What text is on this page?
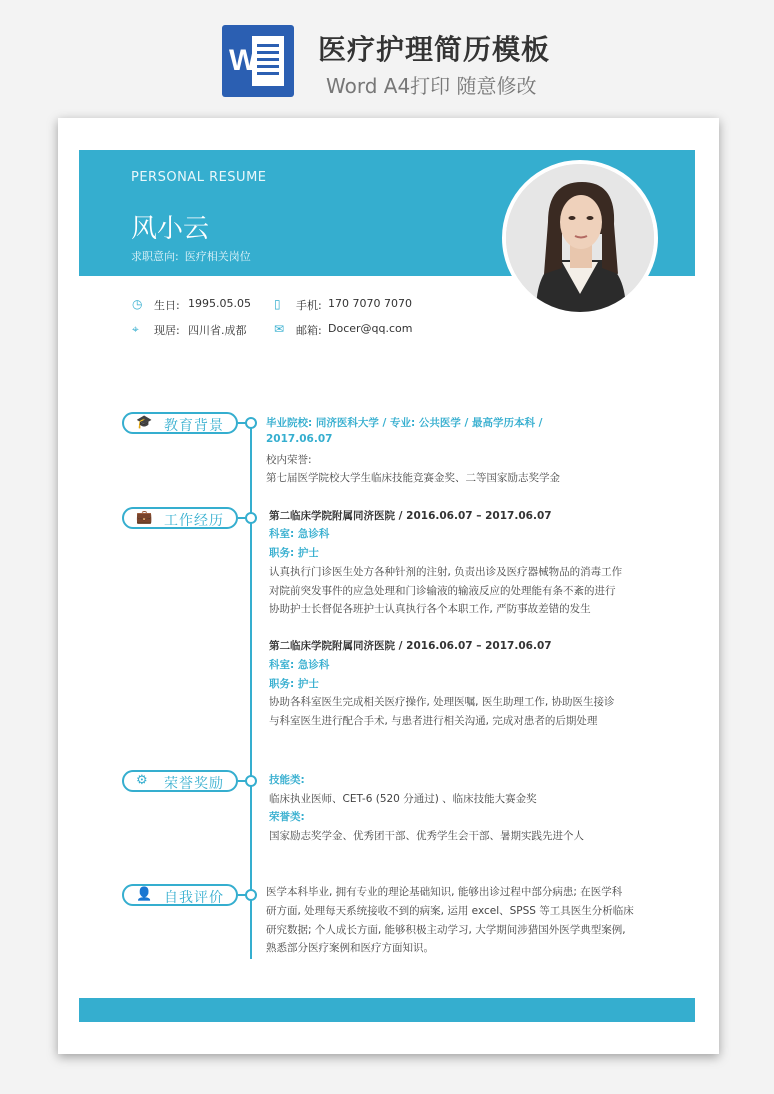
W 医疗护理简历模板
Word A4打印 随意修改
PERSONAL RESUME
风小云
求职意向: 医疗相关岗位
◷	生日: 1995.05.05 ▯	手机: 170 7070 7070
⌖	现居: 四川省.成都 ✉	邮箱: Docer@qq.com
🎓 教育背景	毕业院校: 同济医科大学 / 专业: 公共医学 / 最高学历本科 /
2017.06.07
校内荣誉:
第七届医学院校大学生临床技能竞赛金奖、二等国家励志奖学金
💼 工作经历	第二临床学院附属同济医院 / 2016.06.07 – 2017.06.07
科室: 急诊科
职务: 护士
认真执行门诊医生处方各种针剂的注射, 负责出诊及医疗器械物品的消毒工作
对院前突发事件的应急处理和门诊输液的输液反应的处理能有条不紊的进行
协助护士长督促各班护士认真执行各个本职工作, 严防事故差错的发生
第二临床学院附属同济医院 / 2016.06.07 – 2017.06.07
科室: 急诊科
职务: 护士
协助各科室医生完成相关医疗操作, 处理医嘱, 医生助理工作, 协助医生接诊
与科室医生进行配合手术, 与患者进行相关沟通, 完成对患者的后期处理
⚙ 荣誉奖励	技能类:
临床执业医师、CET-6 (520 分通过) 、临床技能大赛金奖
荣誉类:
国家励志奖学金、优秀团干部、优秀学生会干部、暑期实践先进个人
👤 自我评价	医学本科毕业, 拥有专业的理论基础知识, 能够出诊过程中部分病患; 在医学科
研方面, 处理每天系统接收不到的病案, 运用 excel、SPSS 等工具医生分析临床
研究数据; 个人成长方面, 能够积极主动学习, 大学期间涉猎国外医学典型案例,
熟悉部分医疗案例和医疗方面知识。
